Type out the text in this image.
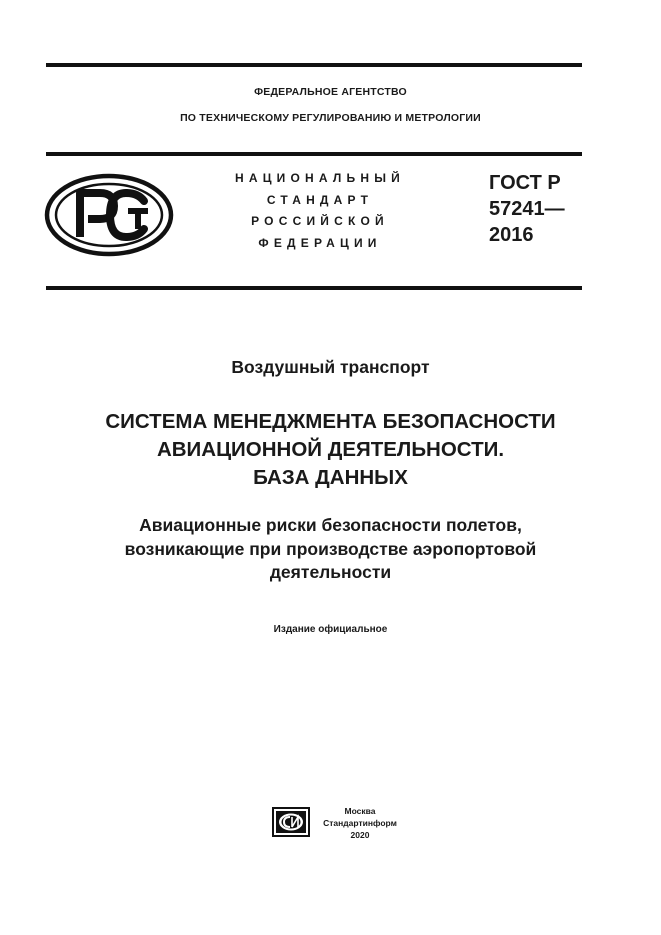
ФЕДЕРАЛЬНОЕ АГЕНТСТВО
ПО ТЕХНИЧЕСКОМУ РЕГУЛИРОВАНИЮ И МЕТРОЛОГИИ
НАЦИОНАЛЬНЫЙ
СТАНДАРТ
РОССИЙСКОЙ
ФЕДЕРАЦИИ
ГОСТ Р
57241—
2016
Воздушный транспорт
СИСТЕМА МЕНЕДЖМЕНТА БЕЗОПАСНОСТИ
АВИАЦИОННОЙ ДЕЯТЕЛЬНОСТИ.
БАЗА ДАННЫХ
Авиационные риски безопасности полетов,
возникающие при производстве аэропортовой
деятельности
Издание официальное
Москва
Стандартинформ
2020
